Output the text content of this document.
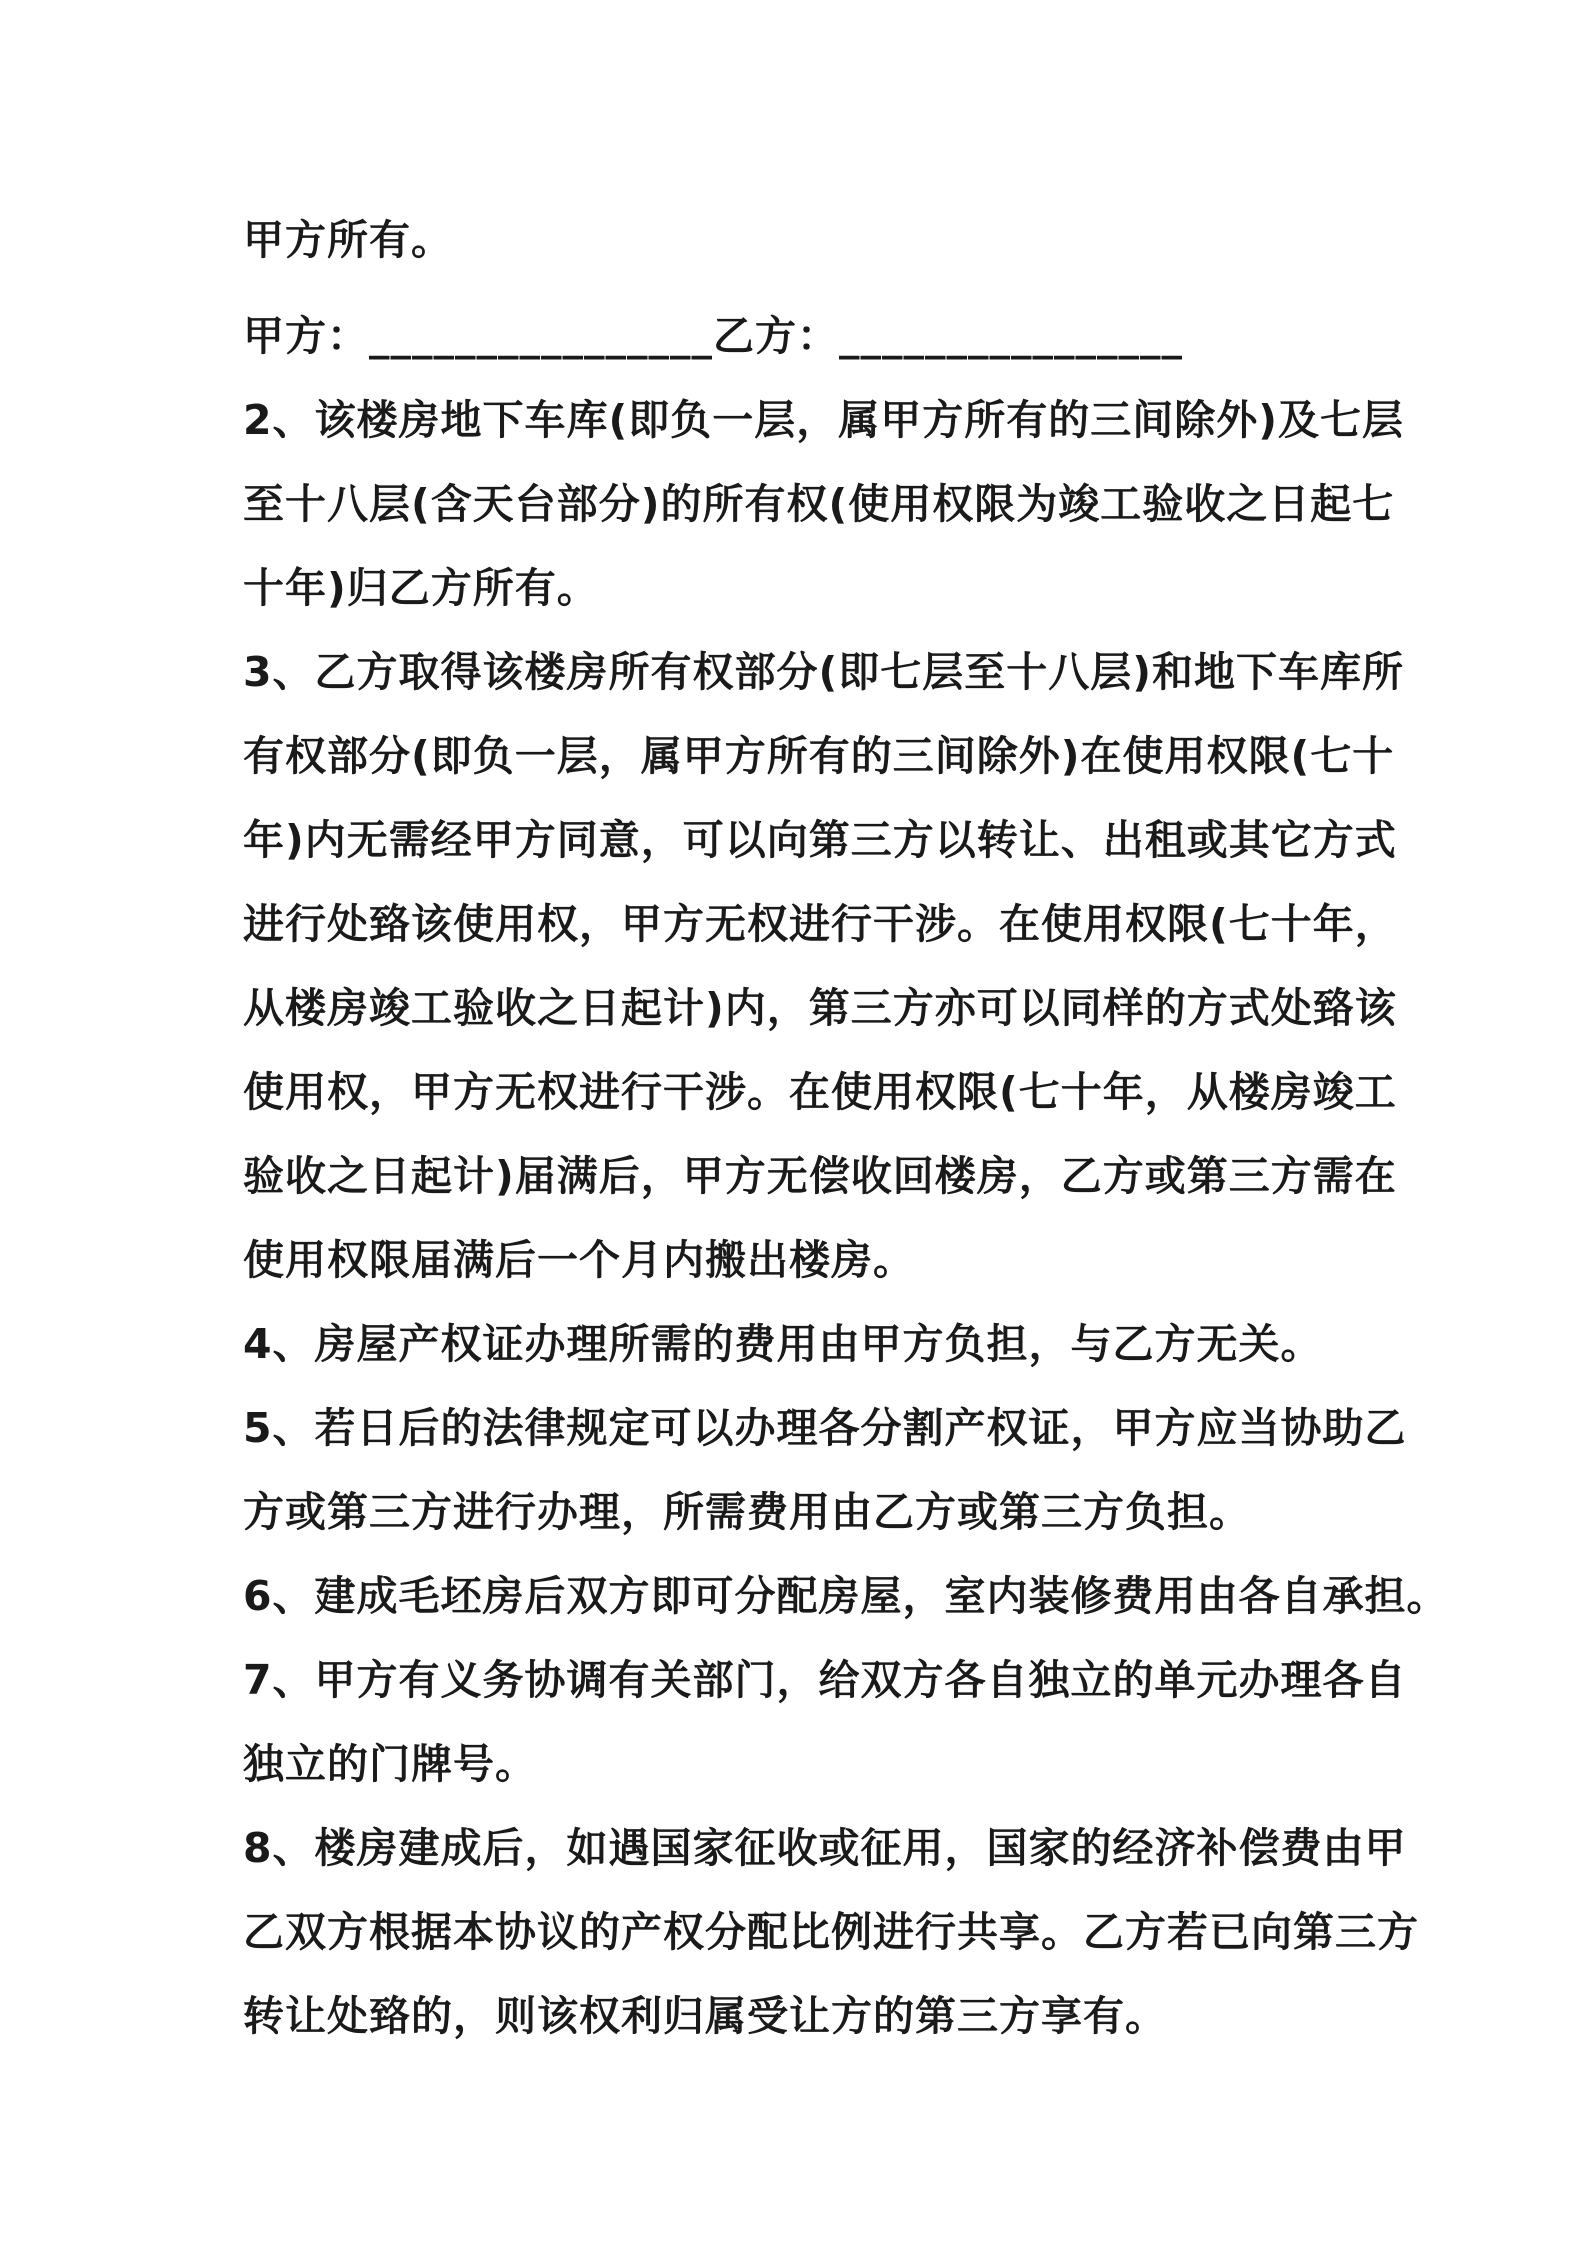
甲方所有。
甲方：________________乙方：________________
2、该楼房地下车库(即负一层，属甲方所有的三间除外)及七层
至十八层(含天台部分)的所有权(使用权限为竣工验收之日起七
十年)归乙方所有。
3、乙方取得该楼房所有权部分(即七层至十八层)和地下车库所
有权部分(即负一层，属甲方所有的三间除外)在使用权限(七十
年)内无需经甲方同意，可以向第三方以转让、出租或其它方式
进行处臵该使用权，甲方无权进行干涉。在使用权限(七十年，
从楼房竣工验收之日起计)内，第三方亦可以同样的方式处臵该
使用权，甲方无权进行干涉。在使用权限(七十年，从楼房竣工
验收之日起计)届满后，甲方无偿收回楼房，乙方或第三方需在
使用权限届满后一个月内搬出楼房。
4、房屋产权证办理所需的费用由甲方负担，与乙方无关。
5、若日后的法律规定可以办理各分割产权证，甲方应当协助乙
方或第三方进行办理，所需费用由乙方或第三方负担。
6、建成毛坯房后双方即可分配房屋，室内装修费用由各自承担。
7、甲方有义务协调有关部门，给双方各自独立的单元办理各自
独立的门牌号。
8、楼房建成后，如遇国家征收或征用，国家的经济补偿费由甲
乙双方根据本协议的产权分配比例进行共享。乙方若已向第三方
转让处臵的，则该权利归属受让方的第三方享有。
